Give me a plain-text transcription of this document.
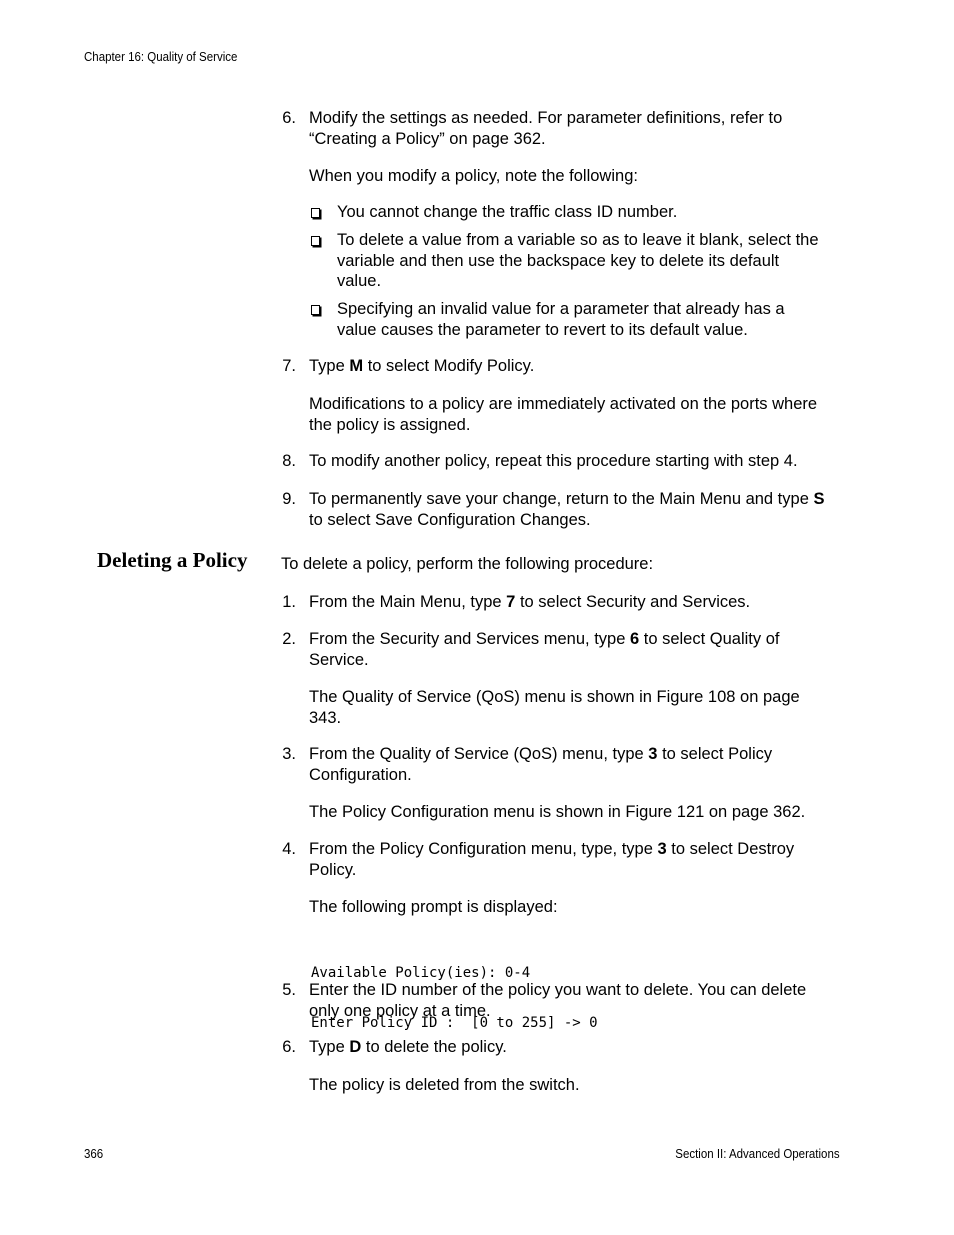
Chapter 16: Quality of Service
366	Section II: Advanced Operations
6. Modify the settings as needed. For parameter definitions, refer to
“Creating a Policy” on page 362.
When you modify a policy, note the following:
You cannot change the traffic class ID number.
To delete a value from a variable so as to leave it blank, select the
variable and then use the backspace key to delete its default
value.
Specifying an invalid value for a parameter that already has a
value causes the parameter to revert to its default value.
7. Type M to select Modify Policy.
Modifications to a policy are immediately activated on the ports where
the policy is assigned.
8. To modify another policy, repeat this procedure starting with step 4.
9. To permanently save your change, return to the Main Menu and type S
to select Save Configuration Changes.
Deleting a Policy To delete a policy, perform the following procedure:
1. From the Main Menu, type 7 to select Security and Services.
2. From the Security and Services menu, type 6 to select Quality of
Service.
The Quality of Service (QoS) menu is shown in Figure 108 on page
343.
3. From the Quality of Service (QoS) menu, type 3 to select Policy
Configuration.
The Policy Configuration menu is shown in Figure 121 on page 362.
4. From the Policy Configuration menu, type, type 3 to select Destroy
Policy.
The following prompt is displayed:

Available Policy(ies): 0-4

Enter Policy ID :  [0 to 255] -> 0

5. Enter the ID number of the policy you want to delete. You can delete
only one policy at a time.
6. Type D to delete the policy.
The policy is deleted from the switch.
